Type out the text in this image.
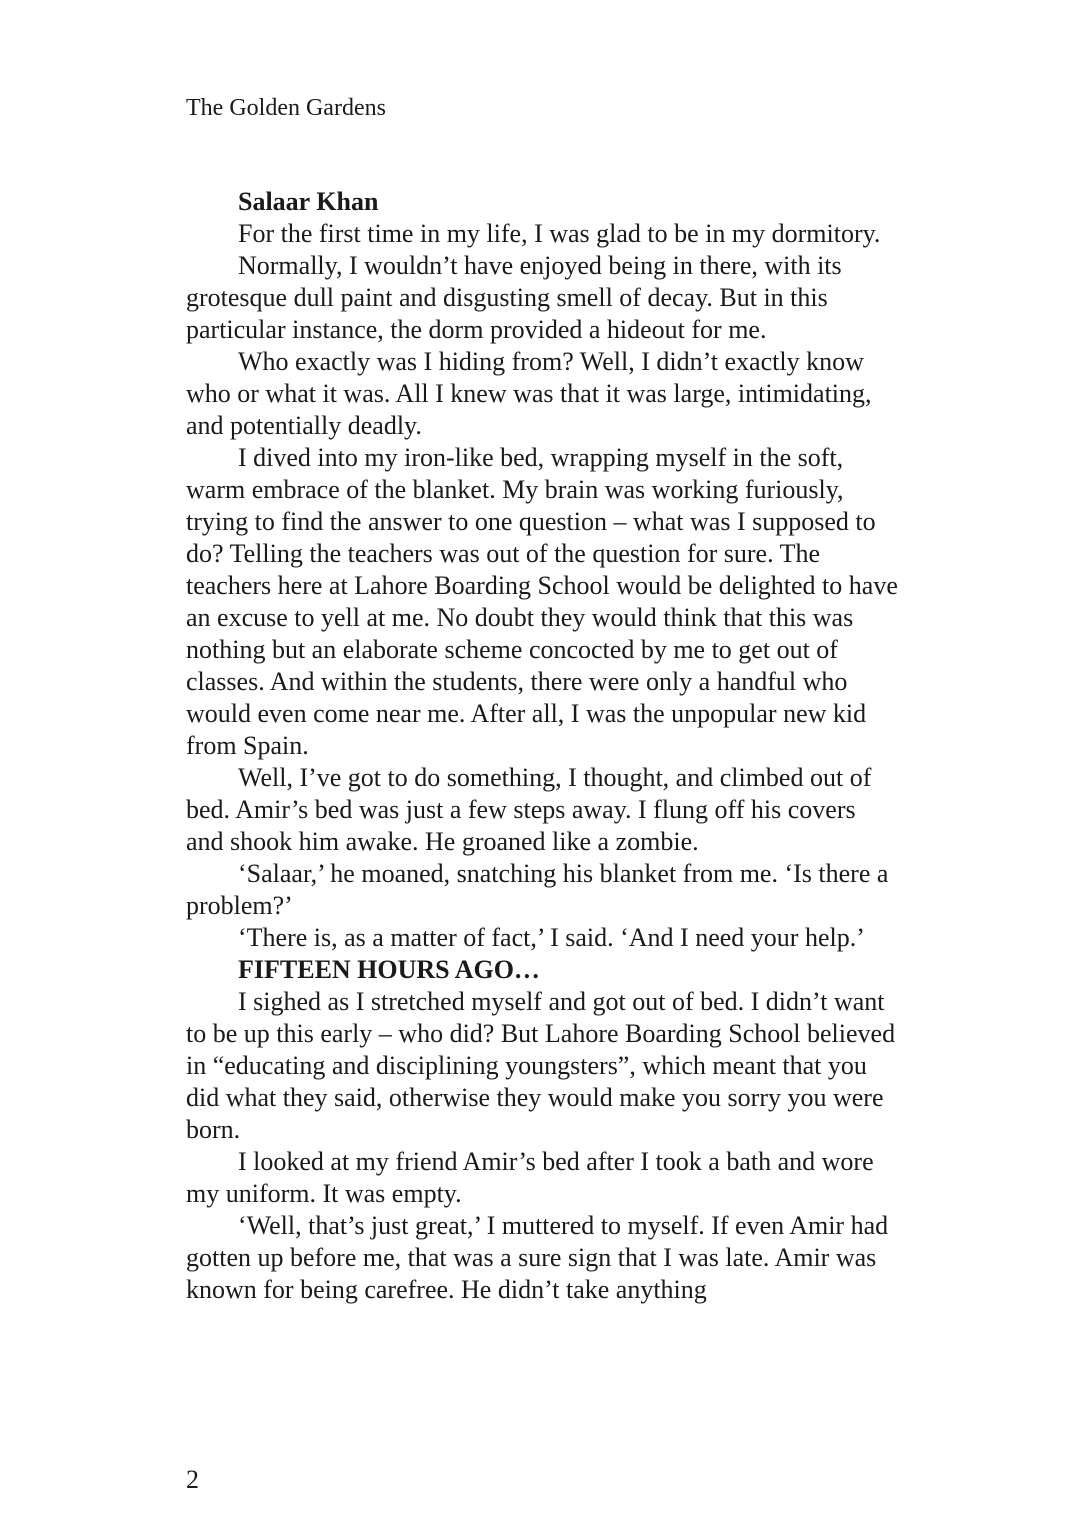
The Golden Gardens
Salaar Khan

For the first time in my life, I was glad to be in my dormitory.

Normally, I wouldn’t have enjoyed being in there, with its grotesque dull paint and disgusting smell of decay. But in this particular instance, the dorm provided a hideout for me.

Who exactly was I hiding from? Well, I didn’t exactly know who or what it was. All I knew was that it was large, intimidating, and potentially deadly.

I dived into my iron-like bed, wrapping myself in the soft, warm embrace of the blanket. My brain was working furiously, trying to find the answer to one question – what was I supposed to do? Telling the teachers was out of the question for sure. The teachers here at Lahore Boarding School would be delighted to have an excuse to yell at me. No doubt they would think that this was nothing but an elaborate scheme concocted by me to get out of classes. And within the students, there were only a handful who would even come near me. After all, I was the unpopular new kid from Spain.

Well, I’ve got to do something, I thought, and climbed out of bed. Amir’s bed was just a few steps away. I flung off his covers and shook him awake. He groaned like a zombie.

‘Salaar,’ he moaned, snatching his blanket from me. ‘Is there a problem?’

‘There is, as a matter of fact,’ I said. ‘And I need your help.’

FIFTEEN HOURS AGO…

I sighed as I stretched myself and got out of bed. I didn’t want to be up this early – who did? But Lahore Boarding School believed in “educating and disciplining youngsters”, which meant that you did what they said, otherwise they would make you sorry you were born.

I looked at my friend Amir’s bed after I took a bath and wore my uniform. It was empty.

‘Well, that’s just great,’ I muttered to myself. If even Amir had gotten up before me, that was a sure sign that I was late. Amir was known for being carefree. He didn’t take anything

2
